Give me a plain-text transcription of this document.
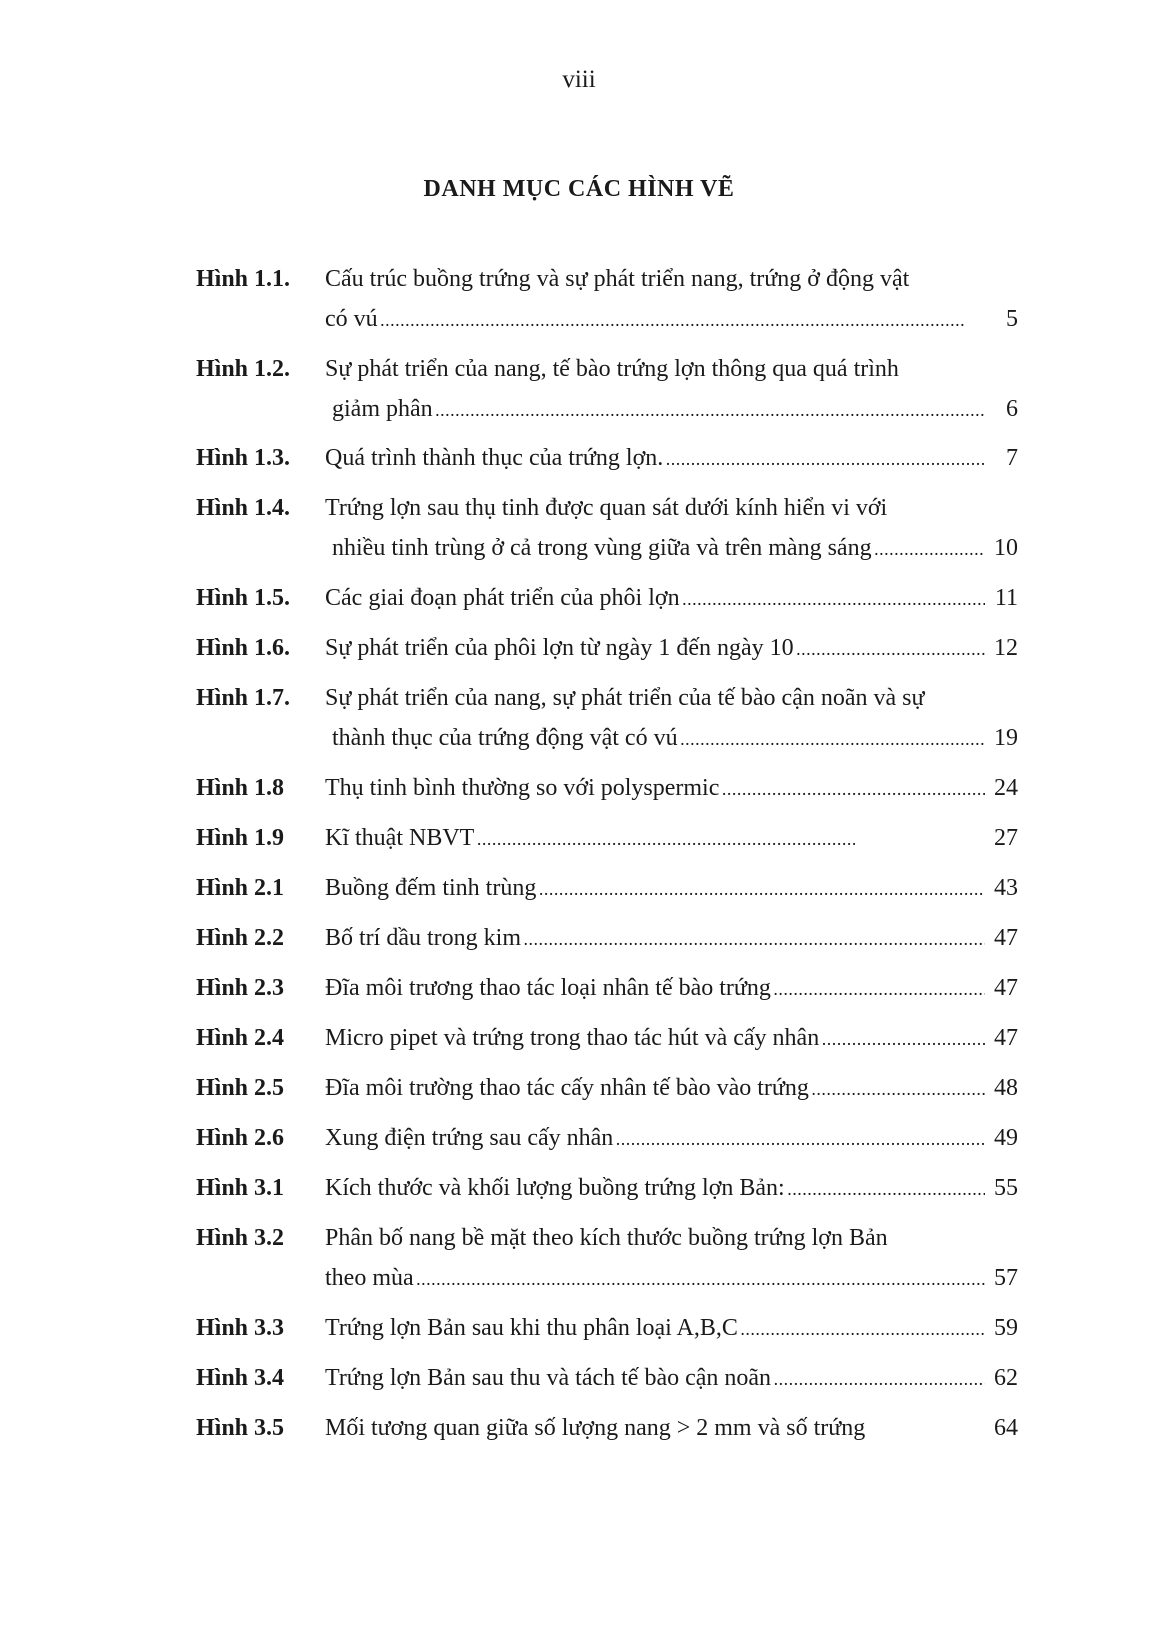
viii
DANH MỤC CÁC HÌNH VẼ
Hình 1.1. Cấu trúc buồng trứng và sự phát triển nang, trứng ở động vật
có vú . . .	5
Hình 1.2. Sự phát triển của nang, tế bào trứng lợn thông qua quá trình
giảm phân . . .	6
Hình 1.3. Quá trình thành thục của trứng lợn. . . .	7
Hình 1.4. Trứng lợn sau thụ tinh được quan sát dưới kính hiển vi với
nhiều tinh trùng ở cả trong vùng giữa và trên màng sáng . . .	10
Hình 1.5. Các giai đoạn phát triển của phôi lợn . . .	11
Hình 1.6. Sự phát triển của phôi lợn từ ngày 1 đến ngày 10 . . .	12
Hình 1.7. Sự phát triển của nang, sự phát triển của tế bào cận noãn và sự
thành thục của trứng động vật có vú . . .	19
Hình 1.8 Thụ tinh bình thường so với polyspermic . . .	24
Hình 1.9 Kĩ thuật NBVT . . .	27
Hình 2.1 Buồng đếm tinh trùng . . .	43
Hình 2.2 Bố trí dầu trong kim . . .	47
Hình 2.3 Đĩa môi trương thao tác loại nhân tế bào trứng . . .	47
Hình 2.4 Micro pipet và trứng trong thao tác hút và cấy nhân . . .	47
Hình 2.5 Đĩa môi trường thao tác cấy nhân tế bào vào trứng . . .	48
Hình 2.6 Xung điện trứng sau cấy nhân . . .	49
Hình 3.1 Kích thước và khối lượng buồng trứng lợn Bản: . . .	55
Hình 3.2 Phân bố nang bề mặt theo kích thước buồng trứng lợn Bản
theo mùa . . .	57
Hình 3.3 Trứng lợn Bản sau khi thu phân loại A,B,C . . .	59
Hình 3.4 Trứng lợn Bản sau thu và tách tế bào cận noãn . . .	62
Hình 3.5 Mối tương quan giữa số lượng nang > 2 mm và số trứng	64
